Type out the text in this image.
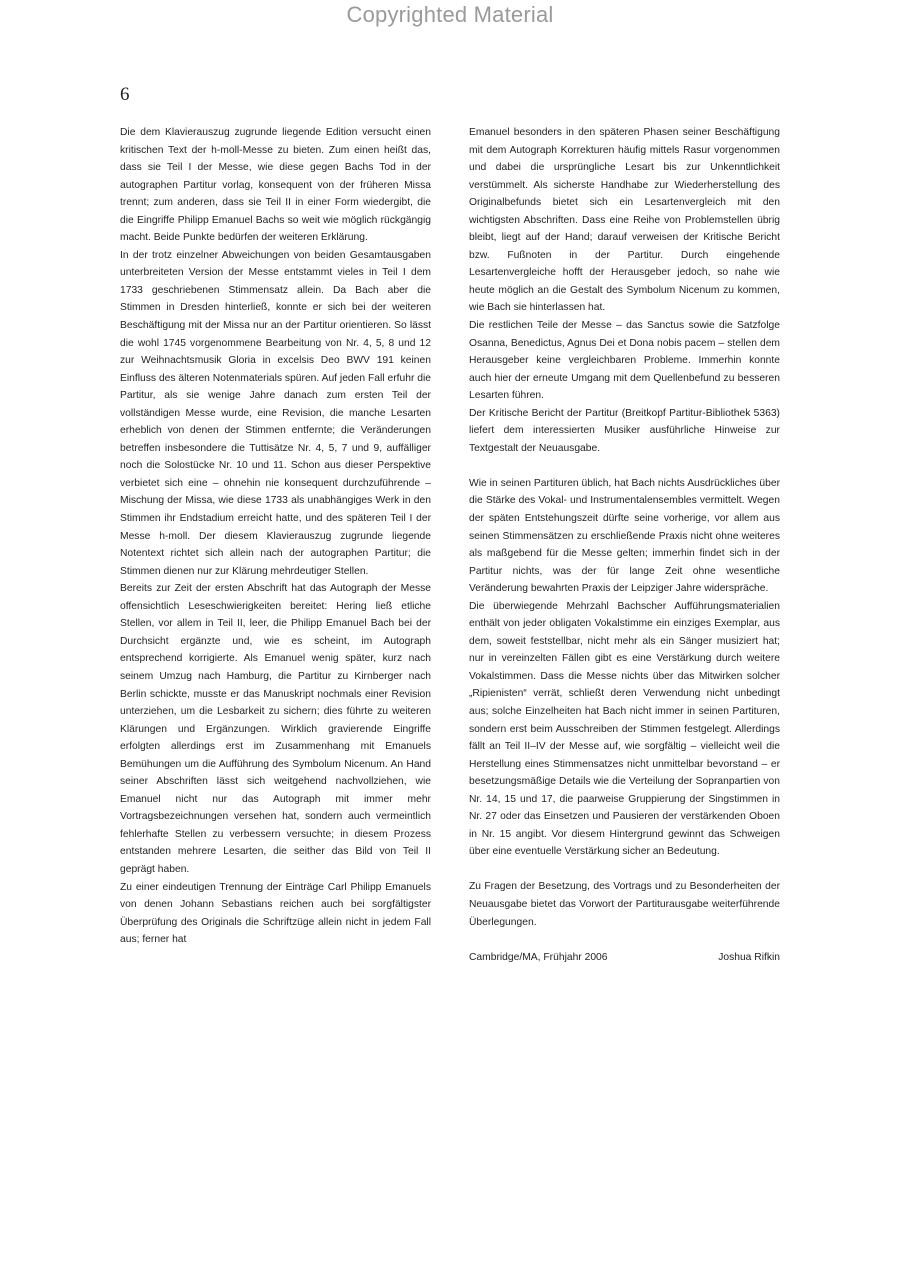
Copyrighted Material
6

Die dem Klavierauszug zugrunde liegende Edition versucht einen kritischen Text der h-moll-Messe zu bieten. Zum einen heißt das, dass sie Teil I der Messe, wie diese gegen Bachs Tod in der autographen Partitur vorlag, konsequent von der früheren Missa trennt; zum anderen, dass sie Teil II in einer Form wiedergibt, die die Eingriffe Philipp Emanuel Bachs so weit wie möglich rückgängig macht. Beide Punkte bedürfen der weiteren Erklärung.

In der trotz einzelner Abweichungen von beiden Gesamtausgaben unterbreiteten Version der Messe entstammt vieles in Teil I dem 1733 geschriebenen Stimmensatz allein. Da Bach aber die Stimmen in Dresden hinterließ, konnte er sich bei der weiteren Beschäftigung mit der Missa nur an der Partitur orientieren. So lässt die wohl 1745 vorgenommene Bearbeitung von Nr. 4, 5, 8 und 12 zur Weihnachtsmusik Gloria in excelsis Deo BWV 191 keinen Einfluss des älteren Notenmaterials spüren. Auf jeden Fall erfuhr die Partitur, als sie wenige Jahre danach zum ersten Teil der vollständigen Messe wurde, eine Revision, die manche Lesarten erheblich von denen der Stimmen entfernte; die Veränderungen betreffen insbesondere die Tuttisätze Nr. 4, 5, 7 und 9, auffälliger noch die Solostücke Nr. 10 und 11. Schon aus dieser Perspektive verbietet sich eine – ohnehin nie konsequent durchzuführende – Mischung der Missa, wie diese 1733 als unabhängiges Werk in den Stimmen ihr Endstadium erreicht hatte, und des späteren Teil I der Messe h-moll. Der diesem Klavierauszug zugrunde liegende Notentext richtet sich allein nach der autographen Partitur; die Stimmen dienen nur zur Klärung mehrdeutiger Stellen.

Bereits zur Zeit der ersten Abschrift hat das Autograph der Messe offensichtlich Leseschwierigkeiten bereitet: Hering ließ etliche Stellen, vor allem in Teil II, leer, die Philipp Emanuel Bach bei der Durchsicht ergänzte und, wie es scheint, im Autograph entsprechend korrigierte. Als Emanuel wenig später, kurz nach seinem Umzug nach Hamburg, die Partitur zu Kirnberger nach Berlin schickte, musste er das Manuskript nochmals einer Revision unterziehen, um die Lesbarkeit zu sichern; dies führte zu weiteren Klärungen und Ergänzungen. Wirklich gravierende Eingriffe erfolgten allerdings erst im Zusammenhang mit Emanuels Bemühungen um die Aufführung des Symbolum Nicenum. An Hand seiner Abschriften lässt sich weitgehend nachvollziehen, wie Emanuel nicht nur das Autograph mit immer mehr Vortragsbezeichnungen versehen hat, sondern auch vermeintlich fehlerhafte Stellen zu verbessern versuchte; in diesem Prozess entstanden mehrere Lesarten, die seither das Bild von Teil II geprägt haben.

Zu einer eindeutigen Trennung der Einträge Carl Philipp Emanuels von denen Johann Sebastians reichen auch bei sorgfältigster Überprüfung des Originals die Schriftzüge allein nicht in jedem Fall aus; ferner hat

Emanuel besonders in den späteren Phasen seiner Beschäftigung mit dem Autograph Korrekturen häufig mittels Rasur vorgenommen und dabei die ursprüngliche Lesart bis zur Unkenntlichkeit verstümmelt. Als sicherste Handhabe zur Wiederherstellung des Originalbefunds bietet sich ein Lesartenvergleich mit den wichtigsten Abschriften. Dass eine Reihe von Problemstellen übrig bleibt, liegt auf der Hand; darauf verweisen der Kritische Bericht bzw. Fußnoten in der Partitur. Durch eingehende Lesartenvergleiche hofft der Herausgeber jedoch, so nahe wie heute möglich an die Gestalt des Symbolum Nicenum zu kommen, wie Bach sie hinterlassen hat.

Die restlichen Teile der Messe – das Sanctus sowie die Satzfolge Osanna, Benedictus, Agnus Dei et Dona nobis pacem – stellen dem Herausgeber keine vergleichbaren Probleme. Immerhin konnte auch hier der erneute Umgang mit dem Quellenbefund zu besseren Lesarten führen.

Der Kritische Bericht der Partitur (Breitkopf Partitur-Bibliothek 5363) liefert dem interessierten Musiker ausführliche Hinweise zur Textgestalt der Neuausgabe.

Wie in seinen Partituren üblich, hat Bach nichts Ausdrückliches über die Stärke des Vokal- und Instrumentalensembles vermittelt. Wegen der späten Entstehungszeit dürfte seine vorherige, vor allem aus seinen Stimmensätzen zu erschließende Praxis nicht ohne weiteres als maßgebend für die Messe gelten; immerhin findet sich in der Partitur nichts, was der für lange Zeit ohne wesentliche Veränderung bewahrten Praxis der Leipziger Jahre widerspräche.

Die überwiegende Mehrzahl Bachscher Aufführungsmaterialien enthält von jeder obligaten Vokalstimme ein einziges Exemplar, aus dem, soweit feststellbar, nicht mehr als ein Sänger musiziert hat; nur in vereinzelten Fällen gibt es eine Verstärkung durch weitere Vokalstimmen. Dass die Messe nichts über das Mitwirken solcher „Ripienisten“ verrät, schließt deren Verwendung nicht unbedingt aus; solche Einzelheiten hat Bach nicht immer in seinen Partituren, sondern erst beim Ausschreiben der Stimmen festgelegt. Allerdings fällt an Teil II–IV der Messe auf, wie sorgfältig – vielleicht weil die Herstellung eines Stimmensatzes nicht unmittelbar bevorstand – er besetzungsmäßige Details wie die Verteilung der Sopranpartien von Nr. 14, 15 und 17, die paarweise Gruppierung der Singstimmen in Nr. 27 oder das Einsetzen und Pausieren der verstärkenden Oboen in Nr. 15 angibt. Vor diesem Hintergrund gewinnt das Schweigen über eine eventuelle Verstärkung sicher an Bedeutung.

Zu Fragen der Besetzung, des Vortrags und zu Besonderheiten der Neuausgabe bietet das Vorwort der Partiturausgabe weiterführende Überlegungen.

Cambridge/MA, Frühjahr 2006	Joshua Rifkin
